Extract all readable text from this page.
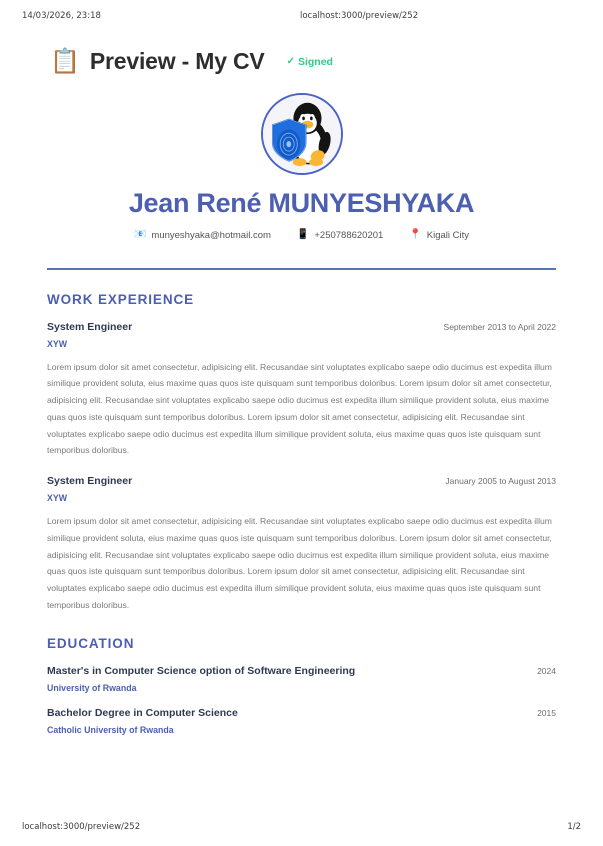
14/03/2026, 23:18	localhost:3000/preview/252
📋 Preview - My CV ✓ Signed
Jean René MUNYESHYAKA
📧 munyeshyaka@hotmail.com	📱 +250788620201	📍 Kigali City
WORK EXPERIENCE
System Engineer	September 2013 to April 2022
XYW
Lorem ipsum dolor sit amet consectetur, adipisicing elit. Recusandae sint voluptates explicabo saepe odio ducimus est expedita illum similique provident soluta, eius maxime quas quos iste quisquam sunt temporibus doloribus. Lorem ipsum dolor sit amet consectetur, adipisicing elit. Recusandae sint voluptates explicabo saepe odio ducimus est expedita illum similique provident soluta, eius maxime quas quos iste quisquam sunt temporibus doloribus. Lorem ipsum dolor sit amet consectetur, adipisicing elit. Recusandae sint voluptates explicabo saepe odio ducimus est expedita illum similique provident soluta, eius maxime quas quos iste quisquam sunt temporibus doloribus.
System Engineer	January 2005 to August 2013
XYW
Lorem ipsum dolor sit amet consectetur, adipisicing elit. Recusandae sint voluptates explicabo saepe odio ducimus est expedita illum similique provident soluta, eius maxime quas quos iste quisquam sunt temporibus doloribus. Lorem ipsum dolor sit amet consectetur, adipisicing elit. Recusandae sint voluptates explicabo saepe odio ducimus est expedita illum similique provident soluta, eius maxime quas quos iste quisquam sunt temporibus doloribus. Lorem ipsum dolor sit amet consectetur, adipisicing elit. Recusandae sint voluptates explicabo saepe odio ducimus est expedita illum similique provident soluta, eius maxime quas quos iste quisquam sunt temporibus doloribus.
EDUCATION
Master's in Computer Science option of Software Engineering	2024
University of Rwanda
Bachelor Degree in Computer Science	2015
Catholic University of Rwanda
localhost:3000/preview/252	1/2
